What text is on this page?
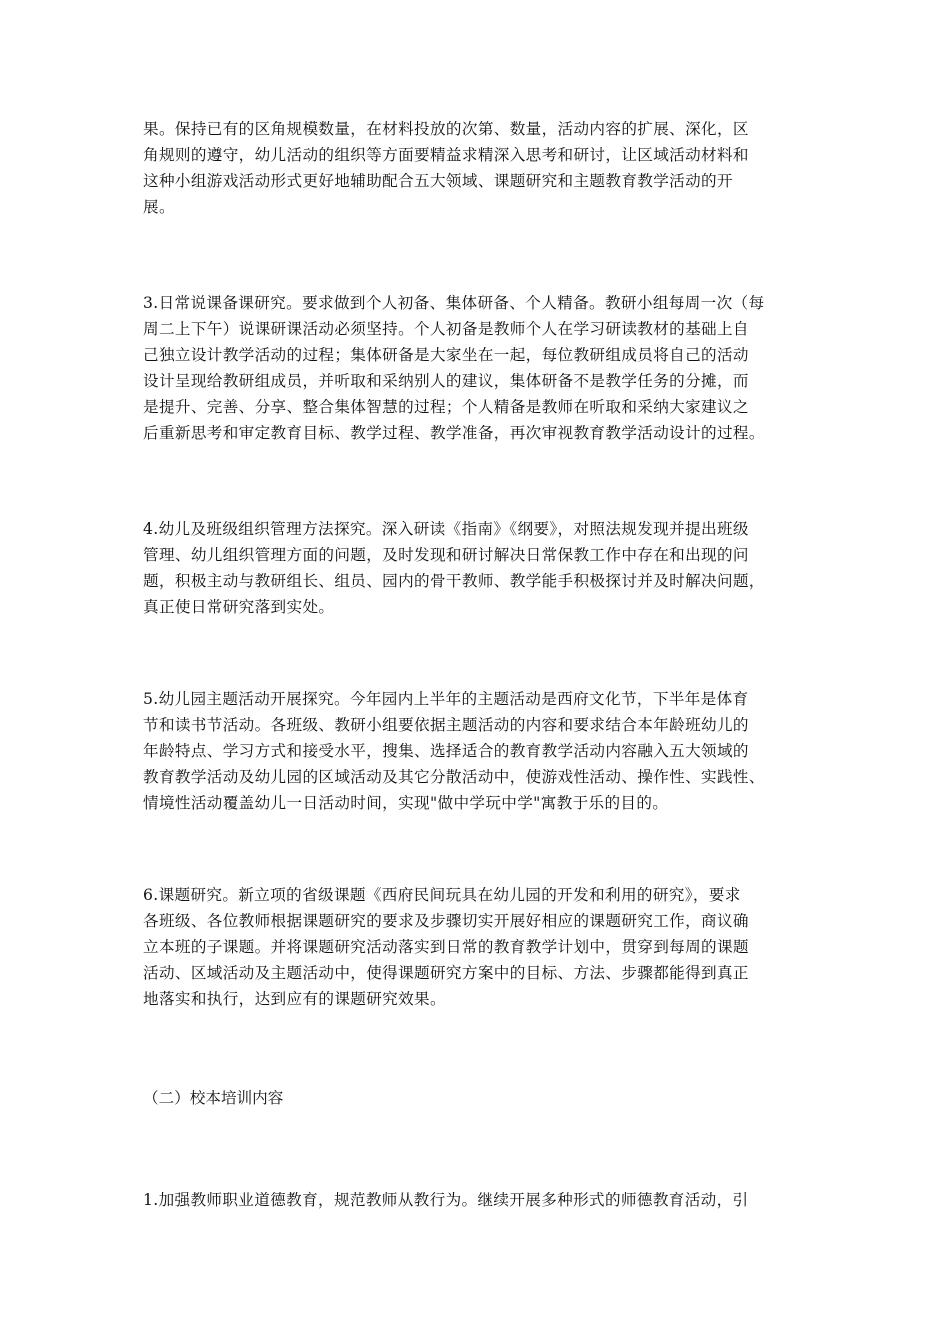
果。保持已有的区角规模数量，在材料投放的次第、数量，活动内容的扩展、深化，区
角规则的遵守，幼儿活动的组织等方面要精益求精深入思考和研讨，让区域活动材料和
这种小组游戏活动形式更好地辅助配合五大领域、课题研究和主题教育教学活动的开
展。

3.日常说课备课研究。要求做到个人初备、集体研备、个人精备。教研小组每周一次（每
周二上下午）说课研课活动必须坚持。个人初备是教师个人在学习研读教材的基础上自
己独立设计教学活动的过程；集体研备是大家坐在一起，每位教研组成员将自己的活动
设计呈现给教研组成员，并听取和采纳别人的建议，集体研备不是教学任务的分摊，而
是提升、完善、分享、整合集体智慧的过程；个人精备是教师在听取和采纳大家建议之
后重新思考和审定教育目标、教学过程、教学准备，再次审视教育教学活动设计的过程。

4.幼儿及班级组织管理方法探究。深入研读《指南》《纲要》，对照法规发现并提出班级
管理、幼儿组织管理方面的问题，及时发现和研讨解决日常保教工作中存在和出现的问
题，积极主动与教研组长、组员、园内的骨干教师、教学能手积极探讨并及时解决问题，
真正使日常研究落到实处。

5.幼儿园主题活动开展探究。今年园内上半年的主题活动是西府文化节，下半年是体育
节和读书节活动。各班级、教研小组要依据主题活动的内容和要求结合本年龄班幼儿的
年龄特点、学习方式和接受水平，搜集、选择适合的教育教学活动内容融入五大领域的
教育教学活动及幼儿园的区域活动及其它分散活动中，使游戏性活动、操作性、实践性、
情境性活动覆盖幼儿一日活动时间，实现"做中学玩中学"寓教于乐的目的。

6.课题研究。新立项的省级课题《西府民间玩具在幼儿园的开发和利用的研究》，要求
各班级、各位教师根据课题研究的要求及步骤切实开展好相应的课题研究工作，商议确
立本班的子课题。并将课题研究活动落实到日常的教育教学计划中，贯穿到每周的课题
活动、区域活动及主题活动中，使得课题研究方案中的目标、方法、步骤都能得到真正
地落实和执行，达到应有的课题研究效果。

（二）校本培训内容

1.加强教师职业道德教育，规范教师从教行为。继续开展多种形式的师德教育活动，引
